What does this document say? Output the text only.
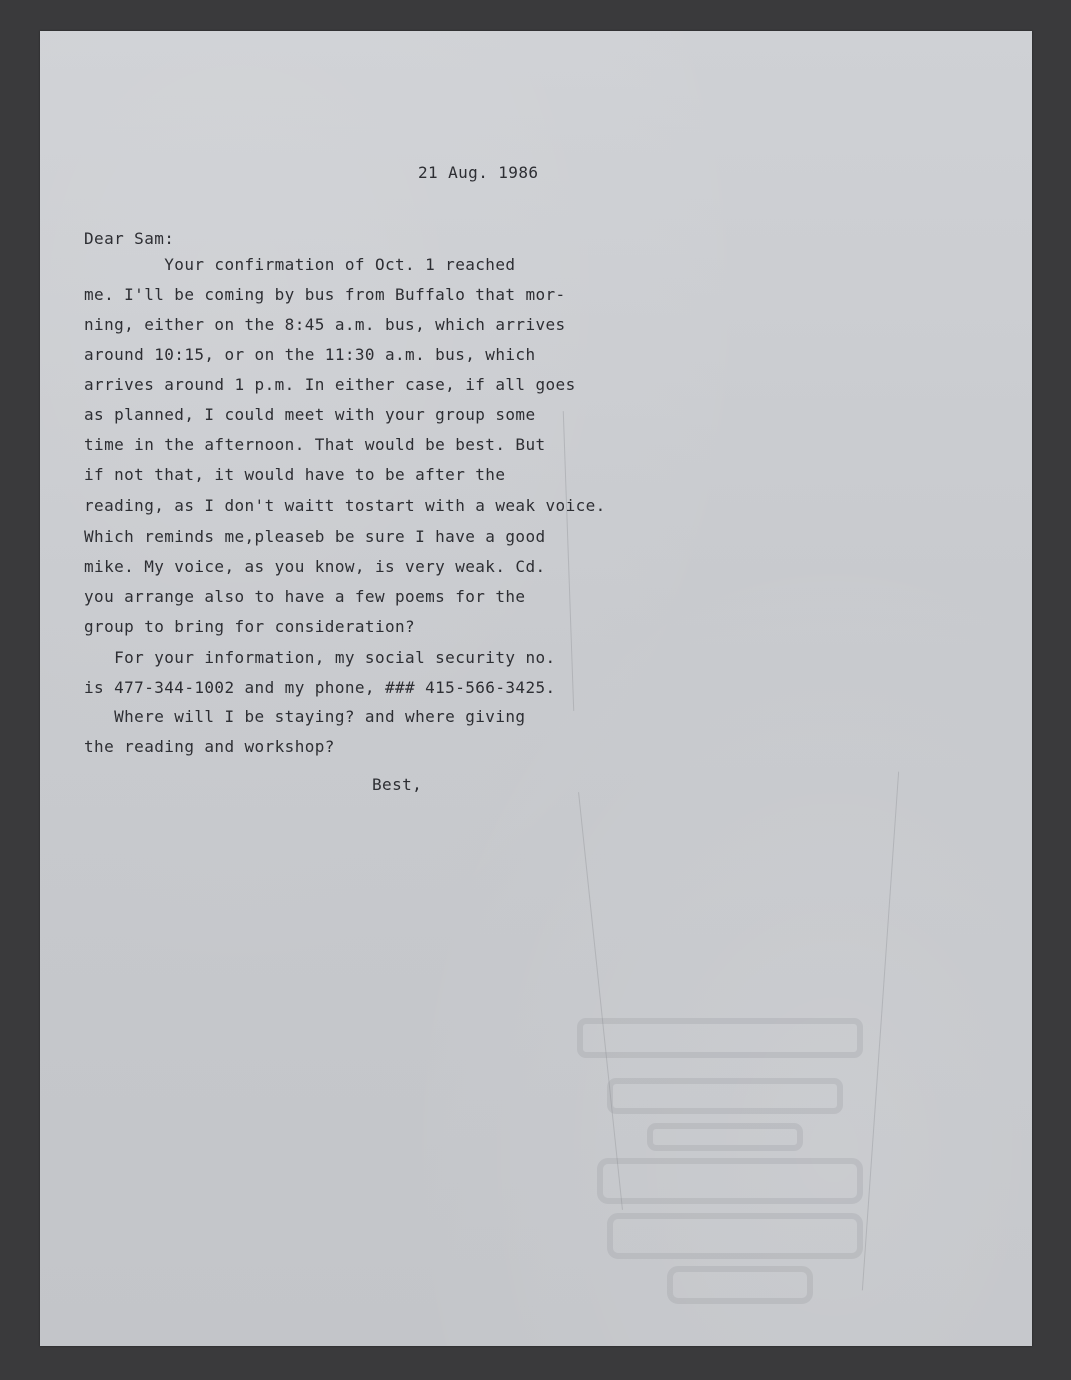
21 Aug. 1986
Dear Sam:
Your confirmation of Oct. 1 reached
me. I'll be coming by bus from Buffalo that mor-
ning, either on the 8:45 a.m. bus, which arrives
around 10:15, or on the 11:30 a.m. bus, which
arrives around 1 p.m. In either case, if all goes
as planned, I could meet with your group some
time in the afternoon. That would be best. But
if not that, it would have to be after the
reading, as I don't waitt tostart with a weak voice.
Which reminds me,pleaseb be sure I have a good
mike. My voice, as you know, is very weak. Cd.
you arrange also to have a few poems for the
group to bring for consideration?
For your information, my social security no.
is 477-344-1002 and my phone, ### 415-566-3425.
Where will I be staying? and where giving
the reading and workshop?
Best,
